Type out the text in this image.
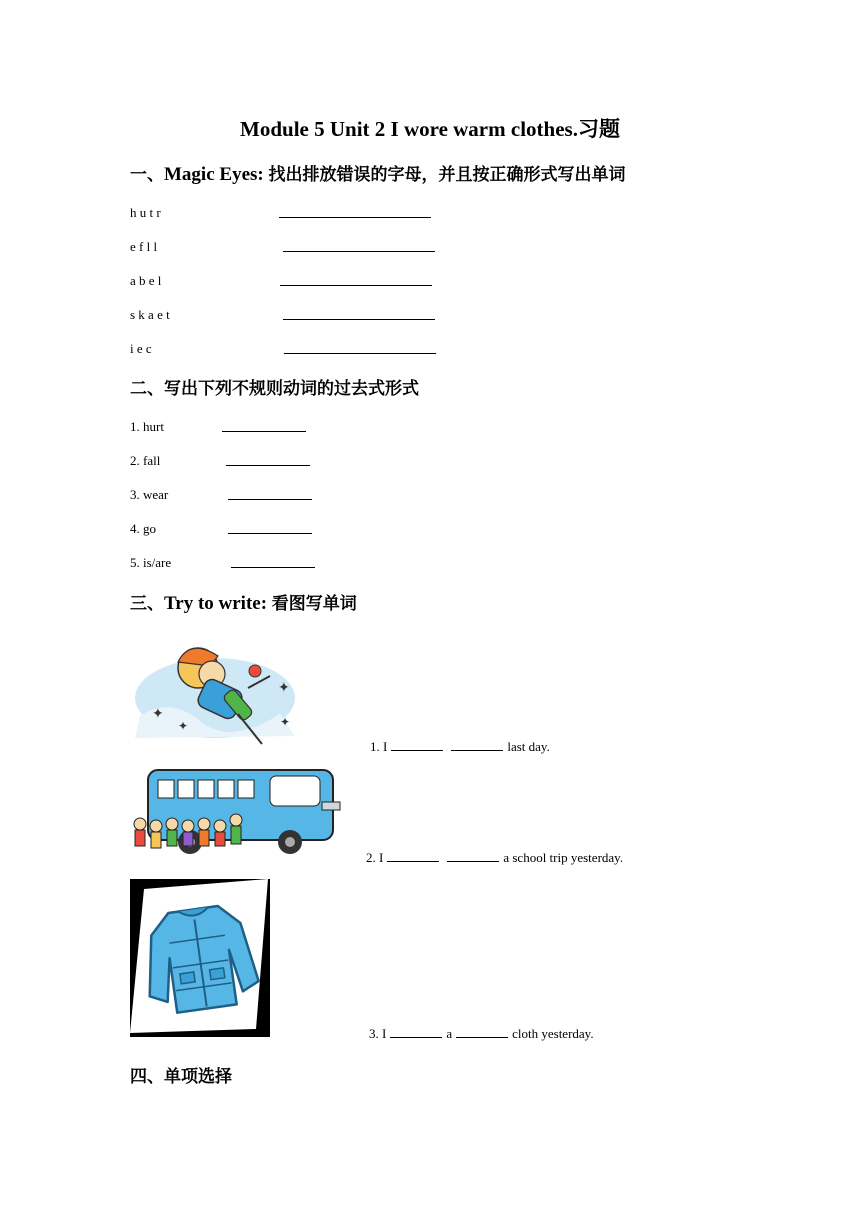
Module 5 Unit 2 I wore warm clothes.习题
一、Magic Eyes: 找出排放错误的字母，并且按正确形式写出单词
h u t r
e f l l
a b e l
s k a e t
i e c
二、写出下列不规则动词的过去式形式
1. hurt
2. fall
3. wear
4. go
5. is/are
三、Try to write: 看图写单词
✦
✦
✦	✦
1. I	last day.
2. I	a school trip yesterday.
3. I	a	cloth yesterday.
四、单项选择
